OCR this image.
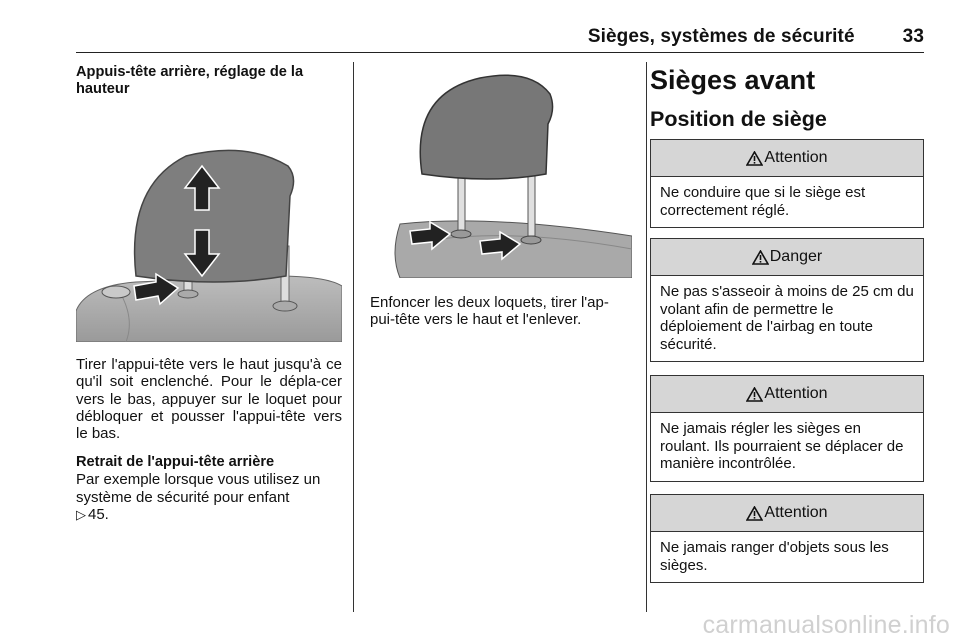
Sièges, systèmes de sécurité	33
Appuis-tête arrière, réglage de la hauteur

Tirer l'appui-tête vers le haut jusqu'à ce qu'il soit enclenché. Pour le dépla-cer vers le bas, appuyer sur le loquet pour débloquer et pousser l'appui-tête vers le bas.

Retrait de l'appui-tête arrière

Par exemple lorsque vous utilisez un système de sécurité pour enfant
▷ 45.

Enfoncer les deux loquets, tirer l'ap-pui-tête vers le haut et l'enlever.

Sièges avant
Position de siège
Attention
Ne conduire que si le siège est correctement réglé.
Danger
Ne pas s'asseoir à moins de 25 cm du volant afin de permettre le déploiement de l'airbag en toute sécurité.
Attention
Ne jamais régler les sièges en roulant. Ils pourraient se déplacer de manière incontrôlée.
Attention
Ne jamais ranger d'objets sous les sièges.
carmanualsonline.info
